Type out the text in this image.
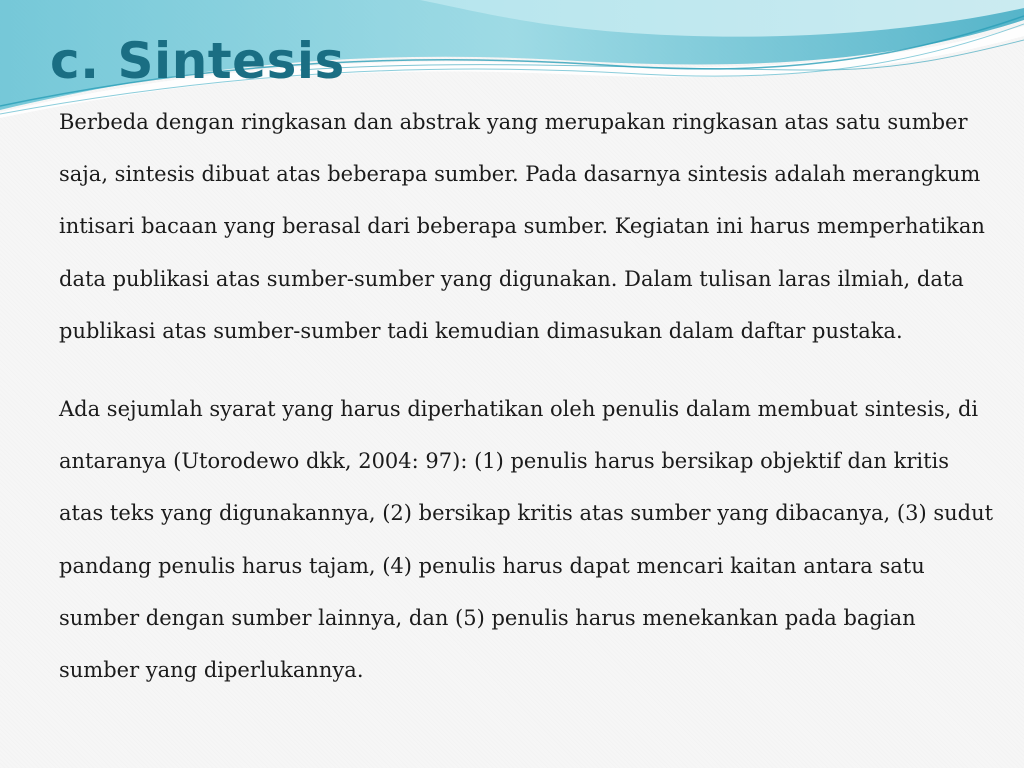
c. Sintesis

Berbeda dengan ringkasan dan abstrak yang merupakan ringkasan atas satu sumber saja, sintesis dibuat atas beberapa sumber. Pada dasarnya sintesis adalah merangkum intisari bacaan yang berasal dari beberapa sumber. Kegiatan ini harus memperhatikan data publikasi atas sumber-sumber yang digunakan. Dalam tulisan laras ilmiah, data publikasi atas sumber-sumber tadi kemudian dimasukan dalam daftar pustaka.

Ada sejumlah syarat yang harus diperhatikan oleh penulis dalam membuat sintesis, di antaranya (Utorodewo dkk, 2004: 97): (1) penulis harus bersikap objektif dan kritis atas teks yang digunakannya, (2) bersikap kritis atas sumber yang dibacanya, (3) sudut pandang penulis harus tajam, (4) penulis harus dapat mencari kaitan antara satu sumber dengan sumber lainnya, dan (5) penulis harus menekankan pada bagian sumber yang diperlukannya.
